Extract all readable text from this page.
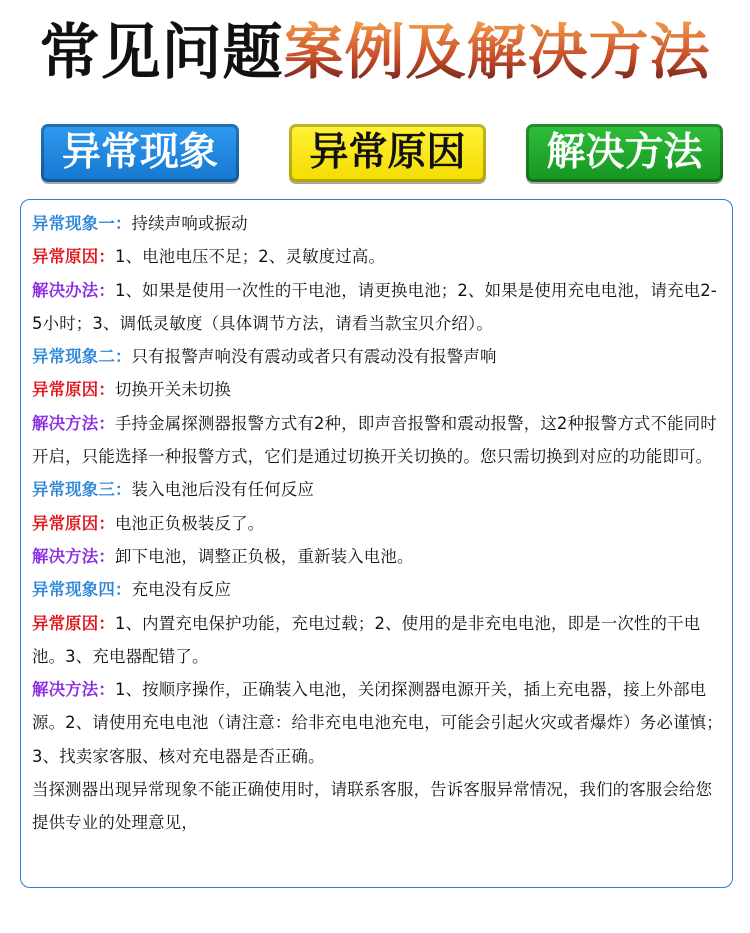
常见问题案例及解决方法
异常现象	异常原因	解决方法

异常现象一：持续声响或振动

异常原因：1、电池电压不足；2、灵敏度过高。

解决办法：1、如果是使用一次性的干电池，请更换电池；2、如果是使用充电电池，请充电2-5小时；3、调低灵敏度（具体调节方法，请看当款宝贝介绍）。

异常现象二：只有报警声响没有震动或者只有震动没有报警声响

异常原因：切换开关未切换

解决方法：手持金属探测器报警方式有2种，即声音报警和震动报警，这2种报警方式不能同时开启，只能选择一种报警方式，它们是通过切换开关切换的。您只需切换到对应的功能即可。

异常现象三：装入电池后没有任何反应

异常原因：电池正负极装反了。

解决方法：卸下电池，调整正负极，重新装入电池。

异常现象四：充电没有反应

异常原因：1、内置充电保护功能，充电过载；2、使用的是非充电电池，即是一次性的干电池。3、充电器配错了。

解决方法：1、按顺序操作，正确装入电池，关闭探测器电源开关，插上充电器，接上外部电源。2、请使用充电电池（请注意：给非充电电池充电，可能会引起火灾或者爆炸）务必谨慎；3、找卖家客服、核对充电器是否正确。

当探测器出现异常现象不能正确使用时，请联系客服，告诉客服异常情况，我们的客服会给您提供专业的处理意见，
